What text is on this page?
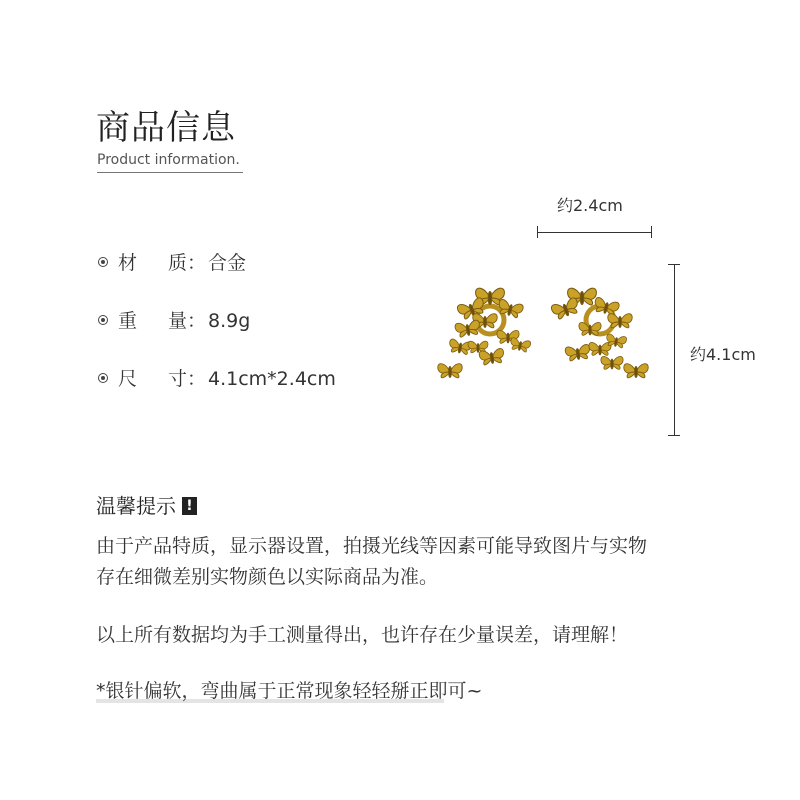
商品信息
Product information.
材 质： 合金
重 量： 8.9g
尺 寸： 4.1cm*2.4cm
约2.4cm
约4.1cm
温馨提示 !
由于产品特质，显示器设置，拍摄光线等因素可能导致图片与实物
存在细微差别实物颜色以实际商品为准。
以上所有数据均为手工测量得出，也许存在少量误差，请理解！
*银针偏软，弯曲属于正常现象轻轻掰正即可~
